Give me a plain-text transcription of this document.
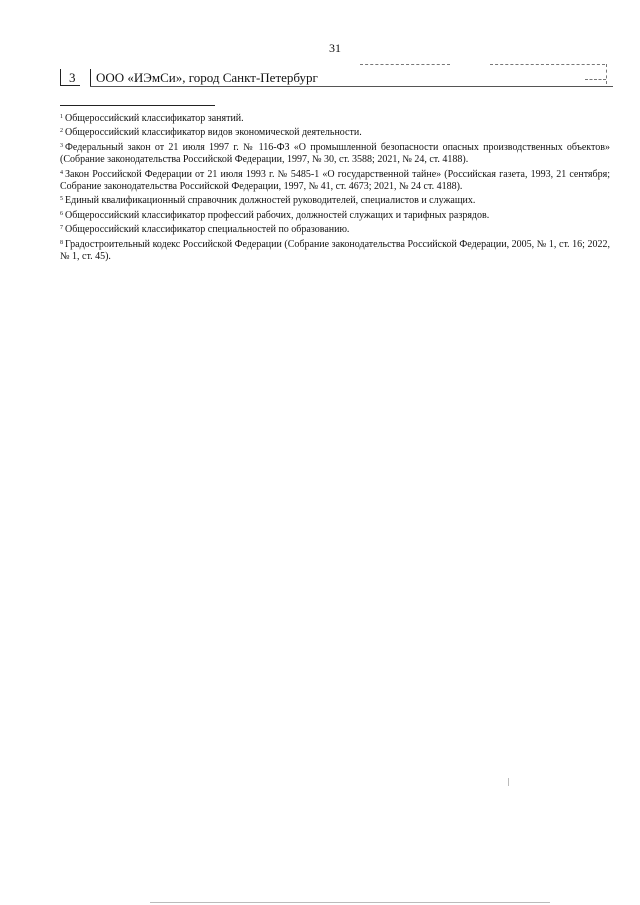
31
3	ООО «ИЭмСи», город Санкт-Петербург

$^1$ Общероссийский классификатор занятий.

$^2$ Общероссийский классификатор видов экономической деятельности.

$^3$ Федеральный закон от 21 июля 1997 г. № 116-ФЗ «О промышленной безопасности опасных производственных объектов» (Собрание законодательства Российской Федерации, 1997, № 30, ст. 3588; 2021, № 24, ст. 4188).

$^4$ Закон Российской Федерации от 21 июля 1993 г. № 5485-1 «О государственной тайне» (Российская газета, 1993, 21 сентября; Собрание законодательства Российской Федерации, 1997, № 41, ст. 4673; 2021, № 24 ст. 4188).

$^5$ Единый квалификационный справочник должностей руководителей, специалистов и служащих.

$^6$ Общероссийский классификатор профессий рабочих, должностей служащих и тарифных разрядов.

$^7$ Общероссийский классификатор специальностей по образованию.

$^8$ Градостроительный кодекс Российской Федерации (Собрание законодательства Российской Федерации, 2005, № 1, ст. 16; 2022, № 1, ст. 45).
